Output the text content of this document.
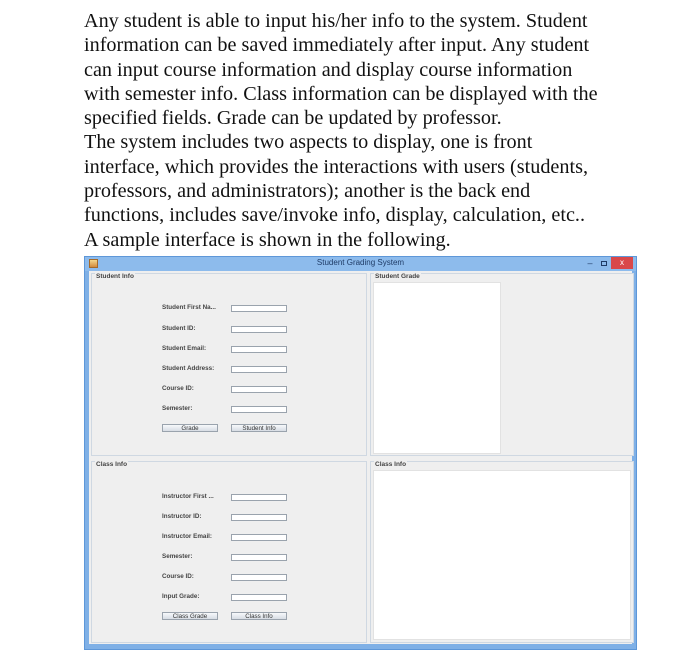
Any student is able to input his/her info to the system. Student

information can be saved immediately after input. Any student

can input course information and display course information

with semester info. Class information can be displayed with the

specified fields. Grade can be updated by professor.

The system includes two aspects to display, one is front

interface, which provides the interactions with users (students,

professors, and administrators); another is the back end

functions, includes save/invoke info, display, calculation, etc..

A sample interface is shown in the following.

Student Grading System	–	x
Student Info
Student First Na...
Student ID:
Student Email:
Student Address:
Course ID:
Semester:
Grade	Student Info
Student Grade
Class Info
Instructor First ...
Instructor ID:
Instructor Email:
Semester:
Course ID:
Input Grade:
Class Grade	Class Info
Class Info
